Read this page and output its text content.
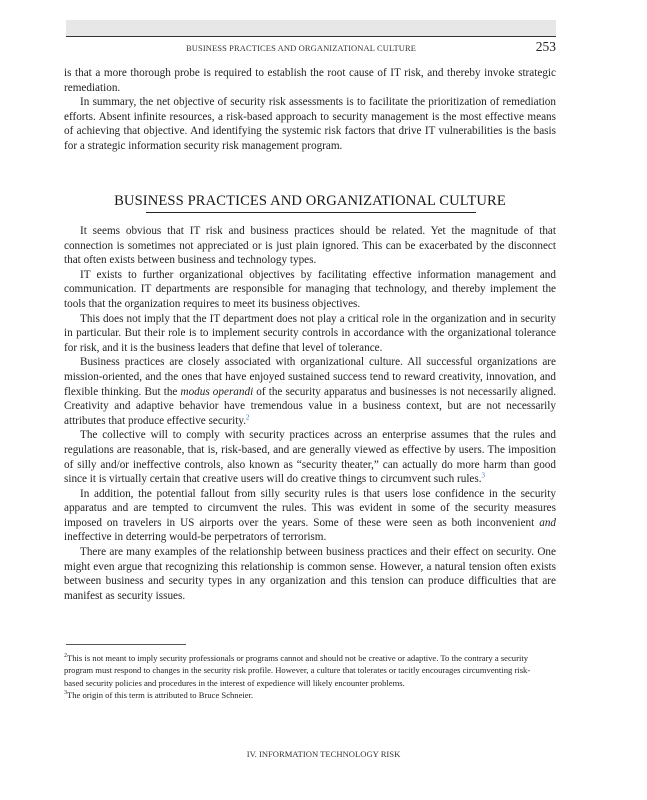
BUSINESS PRACTICES AND ORGANIZATIONAL CULTURE	253

is that a more thorough probe is required to establish the root cause of IT risk, and thereby invoke strategic remediation.

In summary, the net objective of security risk assessments is to facilitate the prioritization of remediation efforts. Absent infinite resources, a risk-based approach to security management is the most effective means of achieving that objective. And identifying the systemic risk factors that drive IT vulnerabilities is the basis for a strategic information security risk management program.

BUSINESS PRACTICES AND ORGANIZATIONAL CULTURE

It seems obvious that IT risk and business practices should be related. Yet the magnitude of that connection is sometimes not appreciated or is just plain ignored. This can be exacerbated by the disconnect that often exists between business and technology types.

IT exists to further organizational objectives by facilitating effective information management and communication. IT departments are responsible for managing that technology, and thereby implement the tools that the organization requires to meet its business objectives.

This does not imply that the IT department does not play a critical role in the organization and in security in particular. But their role is to implement security controls in accordance with the organizational tolerance for risk, and it is the business leaders that define that level of tolerance.

Business practices are closely associated with organizational culture. All successful organizations are mission-oriented, and the ones that have enjoyed sustained success tend to reward creativity, innovation, and flexible thinking. But the modus operandi of the security apparatus and businesses is not necessarily aligned. Creativity and adaptive behavior have tremendous value in a business context, but are not necessarily attributes that produce effective security.$^2$

The collective will to comply with security practices across an enterprise assumes that the rules and regulations are reasonable, that is, risk-based, and are generally viewed as effective by users. The imposition of silly and/or ineffective controls, also known as “security theater,” can actually do more harm than good since it is virtually certain that creative users will do creative things to circumvent such rules.$^3$

In addition, the potential fallout from silly security rules is that users lose confidence in the security apparatus and are tempted to circumvent the rules. This was evident in some of the security measures imposed on travelers in US airports over the years. Some of these were seen as both inconvenient and ineffective in deterring would-be perpetrators of terrorism.

There are many examples of the relationship between business practices and their effect on security. One might even argue that recognizing this relationship is common sense. However, a natural tension often exists between business and security types in any organization and this tension can produce difficulties that are manifest as security issues.

$^2$This is not meant to imply security professionals or programs cannot and should not be creative or adaptive. To the contrary a security program must respond to changes in the security risk profile. However, a culture that tolerates or tacitly encourages circumventing risk-based security policies and procedures in the interest of expedience will likely encounter problems.

$^3$The origin of this term is attributed to Bruce Schneier.

IV. INFORMATION TECHNOLOGY RISK
